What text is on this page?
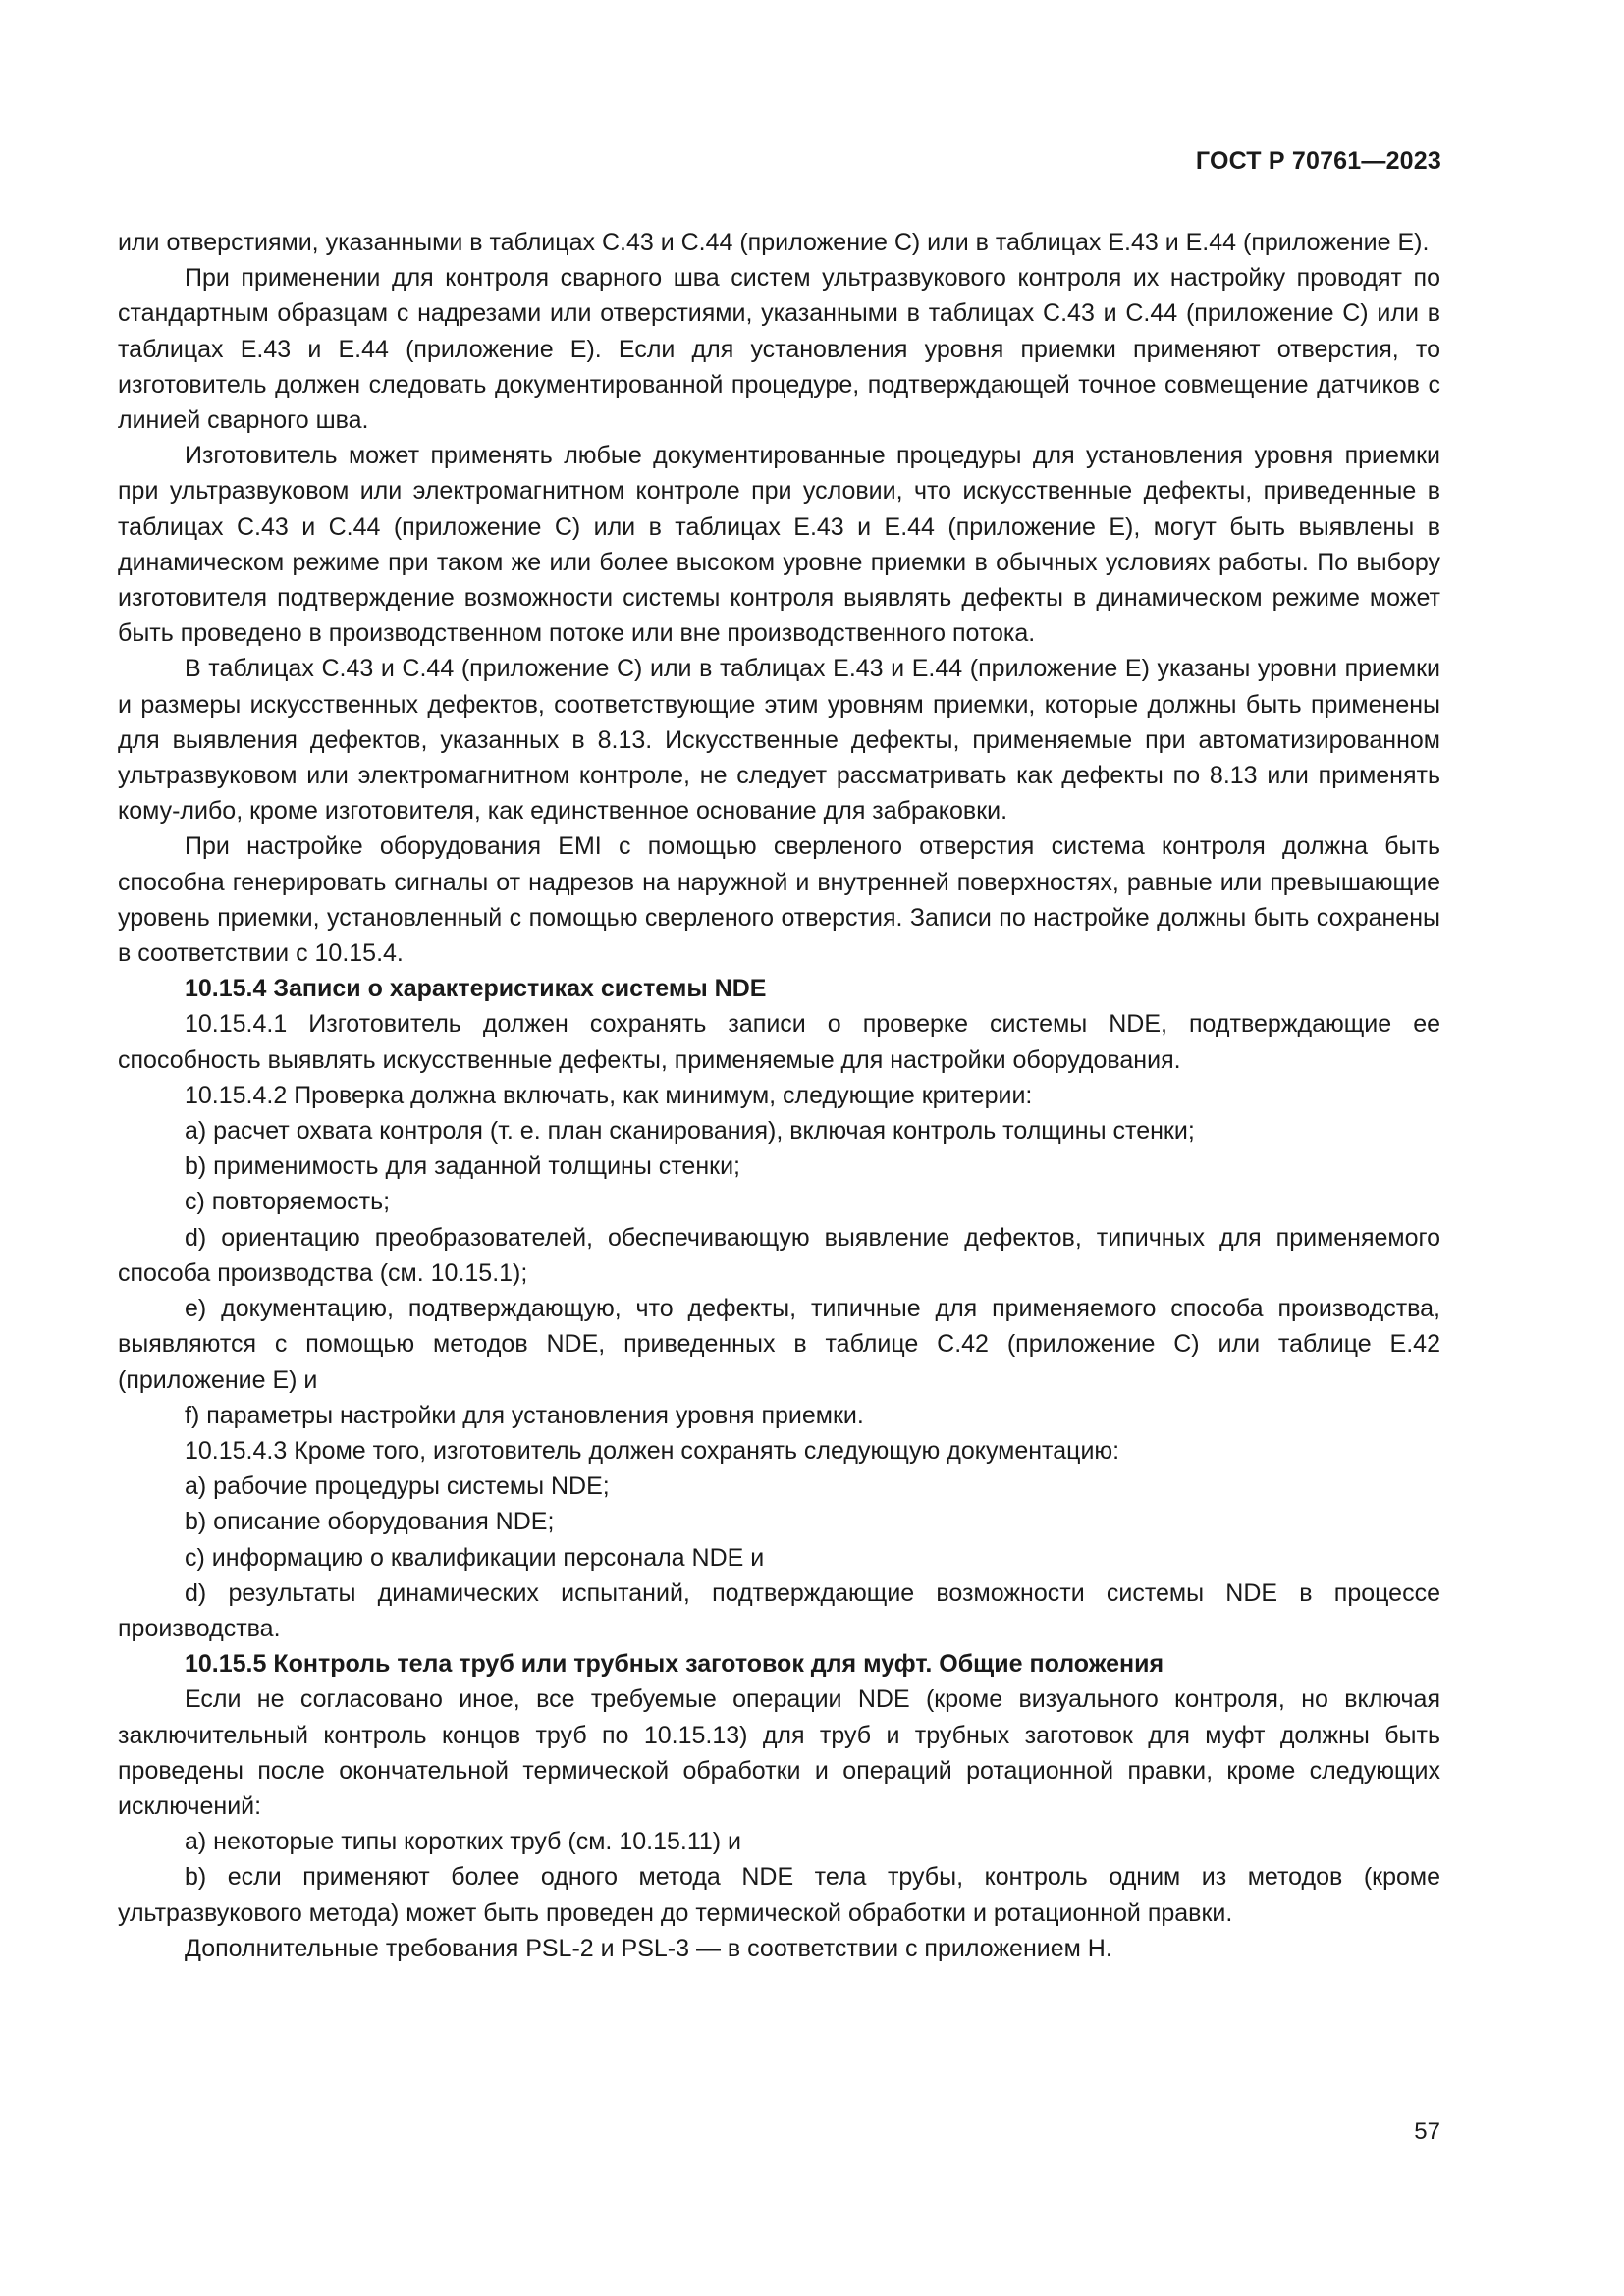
ГОСТ Р 70761—2023

или отверстиями, указанными в таблицах С.43 и С.44 (приложение С) или в таблицах Е.43 и Е.44 (приложение Е).

При применении для контроля сварного шва систем ультразвукового контроля их настройку проводят по стандартным образцам с надрезами или отверстиями, указанными в таблицах С.43 и С.44 (приложение С) или в таблицах Е.43 и Е.44 (приложение Е). Если для установления уровня приемки применяют отверстия, то изготовитель должен следовать документированной процедуре, подтверждающей точное совмещение датчиков с линией сварного шва.

Изготовитель может применять любые документированные процедуры для установления уровня приемки при ультразвуковом или электромагнитном контроле при условии, что искусственные дефекты, приведенные в таблицах С.43 и С.44 (приложение С) или в таблицах Е.43 и Е.44 (приложение Е), могут быть выявлены в динамическом режиме при таком же или более высоком уровне приемки в обычных условиях работы. По выбору изготовителя подтверждение возможности системы контроля выявлять дефекты в динамическом режиме может быть проведено в производственном потоке или вне производственного потока.

В таблицах С.43 и С.44 (приложение С) или в таблицах Е.43 и Е.44 (приложение Е) указаны уровни приемки и размеры искусственных дефектов, соответствующие этим уровням приемки, которые должны быть применены для выявления дефектов, указанных в 8.13. Искусственные дефекты, применяемые при автоматизированном ультразвуковом или электромагнитном контроле, не следует рассматривать как дефекты по 8.13 или применять кому-либо, кроме изготовителя, как единственное основание для забраковки.

При настройке оборудования EMI с помощью сверленого отверстия система контроля должна быть способна генерировать сигналы от надрезов на наружной и внутренней поверхностях, равные или превышающие уровень приемки, установленный с помощью сверленого отверстия. Записи по настройке должны быть сохранены в соответствии с 10.15.4.

10.15.4 Записи о характеристиках системы NDE

10.15.4.1 Изготовитель должен сохранять записи о проверке системы NDE, подтверждающие ее способность выявлять искусственные дефекты, применяемые для настройки оборудования.

10.15.4.2 Проверка должна включать, как минимум, следующие критерии:

a) расчет охвата контроля (т. е. план сканирования), включая контроль толщины стенки;

b) применимость для заданной толщины стенки;

c) повторяемость;

d) ориентацию преобразователей, обеспечивающую выявление дефектов, типичных для применяемого способа производства (см. 10.15.1);

e) документацию, подтверждающую, что дефекты, типичные для применяемого способа производства, выявляются с помощью методов NDE, приведенных в таблице С.42 (приложение С) или таблице Е.42 (приложение Е) и

f) параметры настройки для установления уровня приемки.

10.15.4.3 Кроме того, изготовитель должен сохранять следующую документацию:

a) рабочие процедуры системы NDE;

b) описание оборудования NDE;

c) информацию о квалификации персонала NDE и

d) результаты динамических испытаний, подтверждающие возможности системы NDE в процессе производства.

10.15.5 Контроль тела труб или трубных заготовок для муфт. Общие положения

Если не согласовано иное, все требуемые операции NDE (кроме визуального контроля, но включая заключительный контроль концов труб по 10.15.13) для труб и трубных заготовок для муфт должны быть проведены после окончательной термической обработки и операций ротационной правки, кроме следующих исключений:

a) некоторые типы коротких труб (см. 10.15.11) и

b) если применяют более одного метода NDE тела трубы, контроль одним из методов (кроме ультразвукового метода) может быть проведен до термической обработки и ротационной правки.

Дополнительные требования PSL-2 и PSL-3 — в соответствии с приложением Н.

57
